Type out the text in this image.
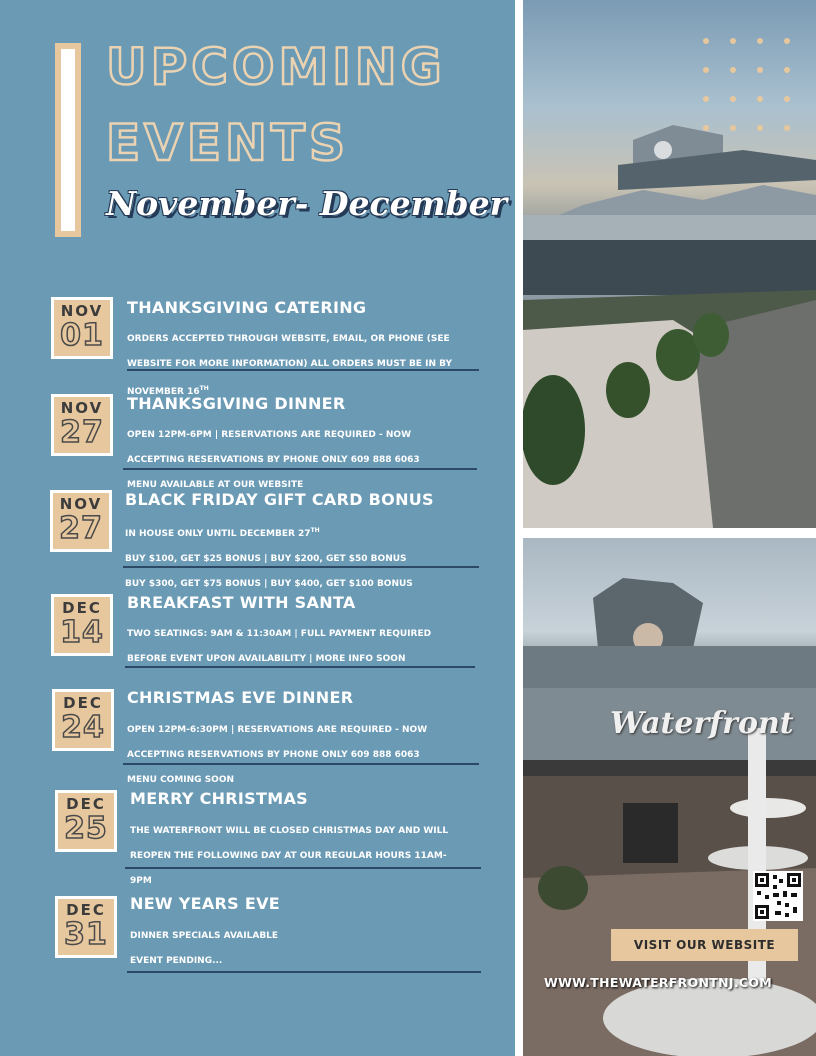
UPCOMING
EVENTS
November- December
NOV
01
THANKSGIVING CATERING

ORDERS ACCEPTED THROUGH WEBSITE, EMAIL, OR PHONE (SEE

WEBSITE FOR MORE INFORMATION) ALL ORDERS MUST BE IN BY

NOVEMBER 16TH

NOV
27
THANKSGIVING DINNER

OPEN 12PM-6PM | RESERVATIONS ARE REQUIRED - NOW

ACCEPTING RESERVATIONS BY PHONE ONLY 609 888 6063

MENU AVAILABLE AT OUR WEBSITE

NOV
27
BLACK FRIDAY GIFT CARD BONUS

IN HOUSE ONLY UNTIL DECEMBER 27TH

BUY $100, GET $25 BONUS | BUY $200, GET $50 BONUS

BUY $300, GET $75 BONUS | BUY $400, GET $100 BONUS

DEC
14
BREAKFAST WITH SANTA

TWO SEATINGS: 9AM & 11:30AM | FULL PAYMENT REQUIRED

BEFORE EVENT UPON AVAILABILITY | MORE INFO SOON

DEC
24
CHRISTMAS EVE DINNER

OPEN 12PM-6:30PM | RESERVATIONS ARE REQUIRED - NOW

ACCEPTING RESERVATIONS BY PHONE ONLY 609 888 6063

MENU COMING SOON

DEC
25
MERRY CHRISTMAS

THE WATERFRONT WILL BE CLOSED CHRISTMAS DAY AND WILL

REOPEN THE FOLLOWING DAY AT OUR REGULAR HOURS 11AM-

9PM

DEC
31
NEW YEARS EVE

DINNER SPECIALS AVAILABLE

EVENT PENDING...

Waterfront
VISIT OUR WEBSITE
WWW.THEWATERFRONTNJ.COM
